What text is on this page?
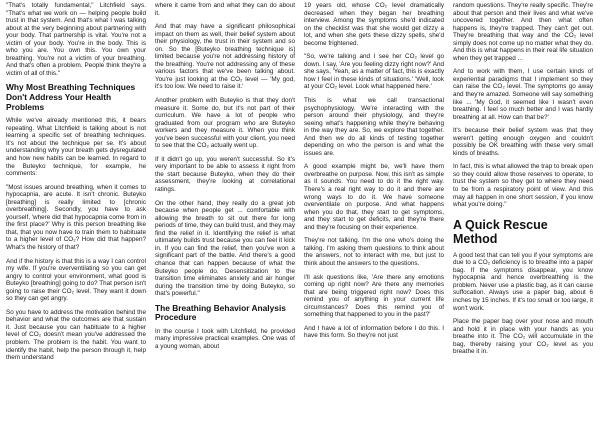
"That's totally fundamental," Litchfield says. "That's what we work on — helping people build trust in that system. And that's what I was talking about at the very beginning about partnering with your body. That partnership is vital. You're not a victim of your body. You're in the body. This is who you are. You own this. You own your breathing. You're not a victim of your breathing. And that's often a problem. People think they're a victim of all of this."

Why Most Breathing Techniques Don't Address Your Health Problems

While we've already mentioned this, it bears repeating. What Litchfield is talking about is not learning a specific set of breathing techniques. It's not about the technique per se. It's about understanding why your breath gets dysregulated and how new habits can be learned. In regard to the Buteyko technique, for example, he comments:

"Most issues around breathing, when it comes to hypocapnia, are acute. It isn't chronic. Buteyko [breathing] is really limited to [chronic overbreathing]. Secondly, you have to ask yourself, 'where did that hypocapnia come from in the first place?' Why is this person breathing like that, that you now have to train them to habituate to a higher level of CO₂? How did that happen? What's the history of that?

And if the history is that this is a way I can control my wife. If you're overventilating so you can get angry to control your environment, what good is Buteyko [breathing] going to do? That person isn't going to raise their CO₂ level. They want it down so they can get angry.

So you have to address the motivation behind the behavior and what the outcomes are that sustain it. Just because you can habituate to a higher level of CO₂ doesn't mean you've addressed the problem. The problem is the habit. You want to identify the habit, help the person through it, help them understand

where it came from and what they can do about it.

And that may have a significant philosophical impact on them as well, their belief system about their physiology, the trust in their system and so on. So the [Buteyko breathing technique is] limited because you're not addressing history of the breathing. You're not addressing any of these various factors that we've been talking about. You're just looking at the CO₂ level — 'My god, it's too low. We need to raise it.'

Another problem with Buteyko is that they don't measure it. Some do, but it's not part of their curriculum. We have a lot of people who graduated from our program who are Buteyko workers and they measure it. When you think you've been successful with your client, you need to see that the CO₂ actually went up.

If it didn't go up, you weren't successful. So it's very important to be able to assess it right from the start because Buteyko, when they do their assessment, they're looking at correlational ratings.

On the other hand, they really do a great job because when people get ... comfortable with allowing the breath to sit out there for long periods of time, they can build trust, and they may find the relief in it. Identifying the relief is what ultimately builds trust because you can feel it kick in. If you can find the relief, then you've won a significant part of the battle. And there's a good chance that can happen because of what the Buteyko people do. Desensitization to the transition time eliminates anxiety and air hunger during the transition time by doing Buteyko, so that's powerful."

The Breathing Behavior Analysis Procedure

In the course I took with Litchfield, he provided many impressive practical examples. One was of a young woman, about

19 years old, whose CO₂ level dramatically decreased when they began her breathing interview. Among the symptoms she'd indicated on the checklist was that she would get dizzy a lot, and when she gets these dizzy spells, she'd become frightened.

"So, we're talking and I see her CO₂ level go down. I say, 'Are you feeling dizzy right now?' And she says, 'Yeah, as a matter of fact, this is exactly how I feel in these kinds of situations.' 'Well, look at your CO₂ level. Look what happened here.'

This is what we call transactional psychophysiology. We're interacting with the person around their physiology, and they're seeing what's happening while they're behaving in the way they are. So, we explore that together. And then we do all kinds of testing together depending on who the person is and what the issues are.

A good example might be, we'll have them overbreathe on purpose. Now, this isn't as simple as it sounds. You need to do it the right way. There's a real right way to do it and there are wrong ways to do it. We have someone overventilate on purpose. And what happens when you do that, they start to get symptoms, and they start to get deficits, and they're there and they're focusing on their experience.

They're not talking. I'm the one who's doing the talking. I'm asking them questions to think about the answers, not to interact with me, but just to think about the answers to the questions.

I'll ask questions like, 'Are there any emotions coming up right now? Are there any memories that are being triggered right now? Does this remind you of anything in your current life circumstances? Does this remind you of something that happened to you in the past?'

And I have a lot of information before I do this. I have this form. So they're not just

random questions. They're really specific. They're about that person and their lives and what we've uncovered together. And then what often happens is, they're trapped. They can't get out. They're breathing that way and the CO₂ level simply does not come up no matter what they do. And this is what happens in their real life situation when they get trapped ...

And to work with them, I use certain kinds of experiential paradigms that I implement so they can raise the CO₂ level. The symptoms go away and they're amazed. Someone will say something like ... 'My God, it seemed like I wasn't even breathing. I feel so much better and I was hardly breathing at all. How can that be?'

It's because their belief system was that they weren't getting enough oxygen and couldn't possibly be OK breathing with these very small kinds of breaths.

In fact, this is what allowed the trap to break open so they could allow those reserves to operate, to trust the system so they get to where they need to be from a respiratory point of view. And this may all happen in one short session, if you know what you're doing."

A Quick Rescue Method

A good test that can tell you if your symptoms are due to a CO₂ deficiency is to breathe into a paper bag. If the symptoms disappear, you know hypocapnia and hence overbreathing is the problem. Never use a plastic bag, as it can cause suffocation. Always use a paper bag, about 6 inches by 15 inches. If it's too small or too large, it won't work.

Place the paper bag over your nose and mouth and hold it in place with your hands as you breathe into it. The CO₂ will accumulate in the bag, thereby raising your CO₂ level as you breathe it in.
